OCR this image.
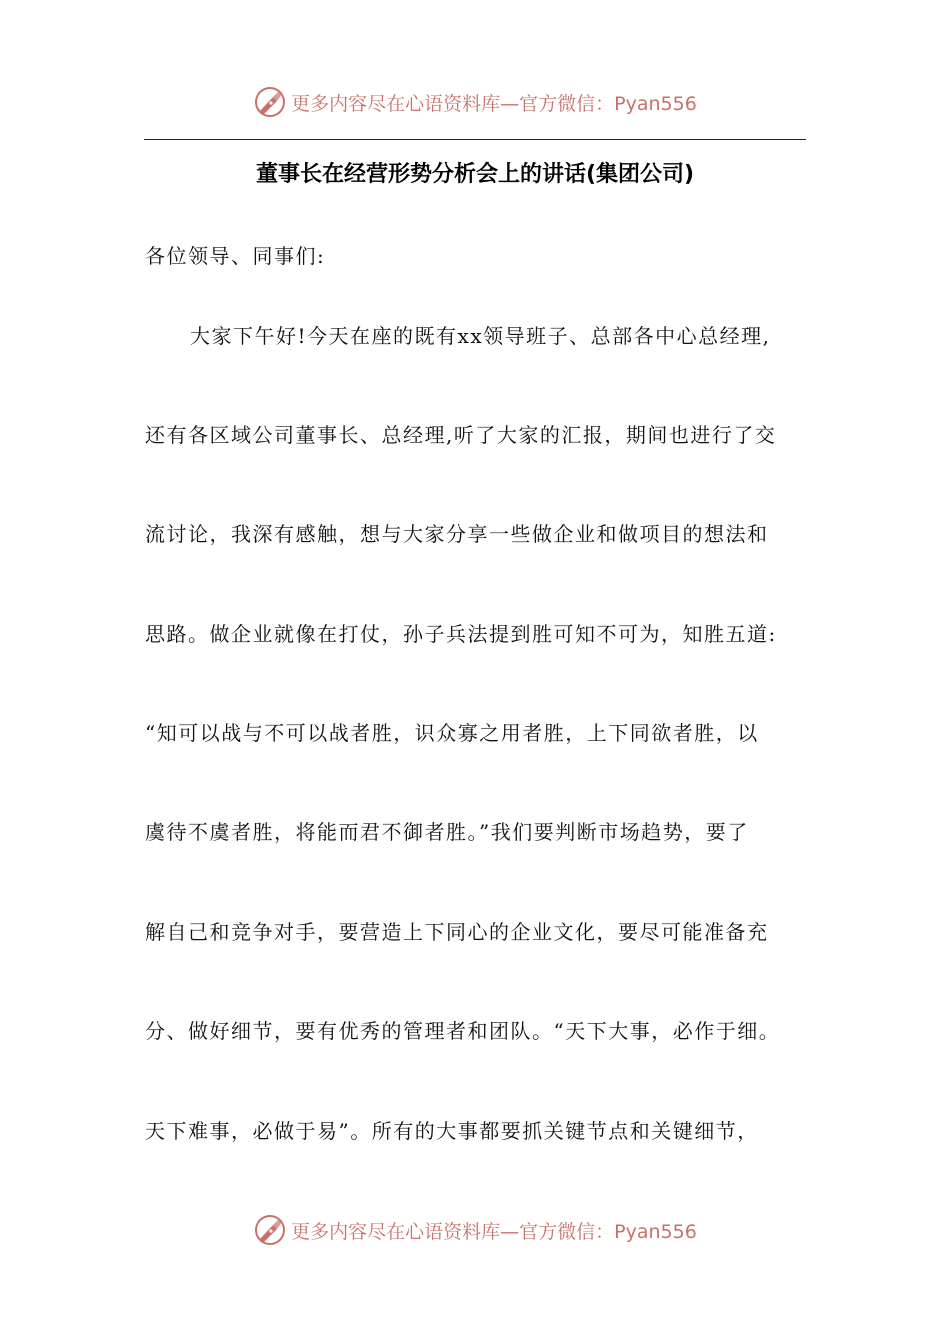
更多内容尽在心语资料库—官方微信：Pyan556
董事长在经营形势分析会上的讲话(集团公司)
各位领导、同事们:
大家下午好!今天在座的既有xx领导班子、总部各中心总经理,
还有各区域公司董事长、总经理,听了大家的汇报，期间也进行了交
流讨论，我深有感触，想与大家分享一些做企业和做项目的想法和
思路。做企业就像在打仗，孙子兵法提到胜可知不可为，知胜五道:
“知可以战与不可以战者胜，识众寡之用者胜，上下同欲者胜，以
虞待不虞者胜，将能而君不御者胜。”我们要判断市场趋势，要了
解自己和竞争对手，要营造上下同心的企业文化，要尽可能准备充
分、做好细节，要有优秀的管理者和团队。“天下大事，必作于细。
天下难事，必做于易”。所有的大事都要抓关键节点和关键细节，
更多内容尽在心语资料库—官方微信：Pyan556
